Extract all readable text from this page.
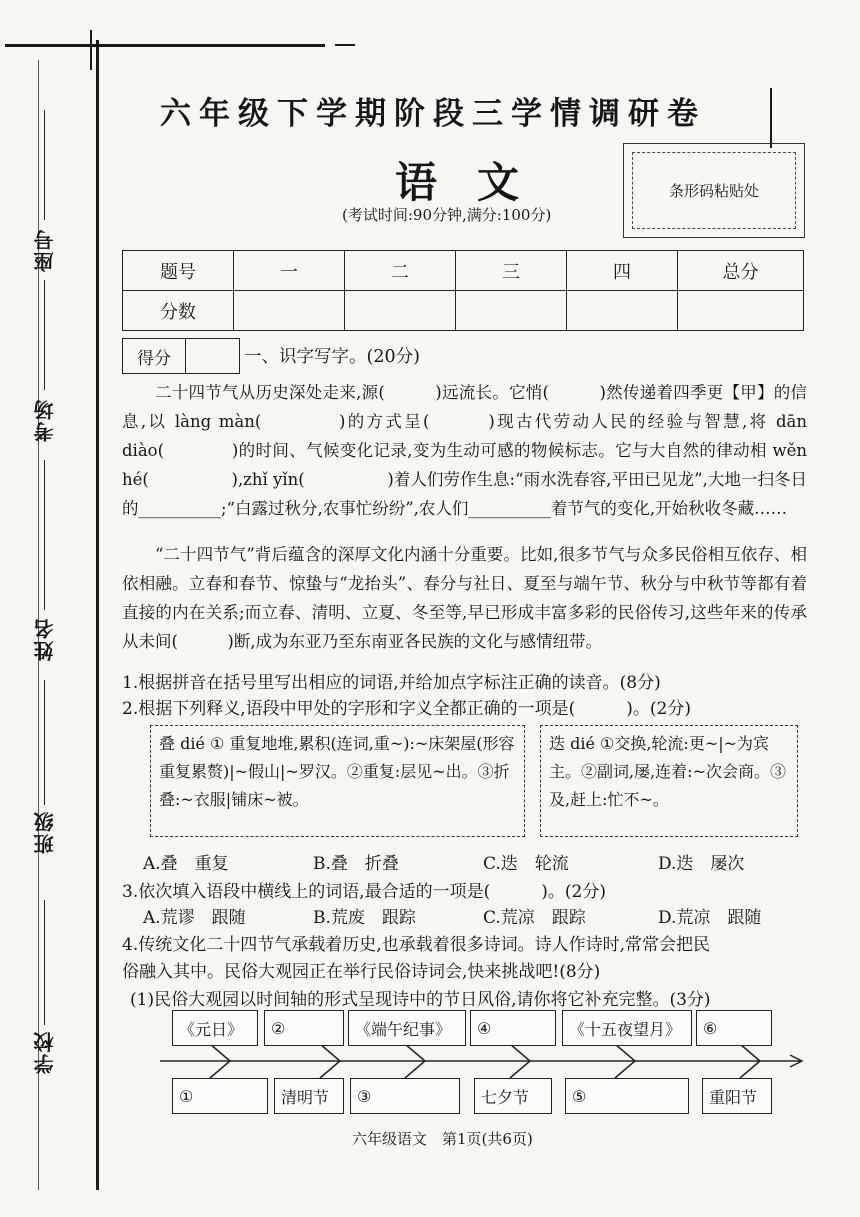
座号
考场
姓名
班级
学校
六年级下学期阶段三学情调研卷
语文
(考试时间:90分钟,满分:100分)
条形码粘贴处
题号	一	二	三	四	总分
分数					
得分	一、识字写字。(20分)
二十四节气从历史深处走来,源(　　　)远流长。它悄(　　　)然传递着四季更【甲】的信息,以 làng màn(　　　　)的方式呈(　　　)现古代劳动人民的经验与智慧,将 dān diào(　　　　)的时间、气候变化记录,变为生动可感的物候标志。它与大自然的律动相 wěn hé(　　　　　),zhǐ yǐn(　　　　　)着人们劳作生息:“雨水洗春容,平田已见龙”,大地一扫冬日的__________;“白露过秋分,农事忙纷纷”,农人们__________着节气的变化,开始秋收冬藏……
“二十四节气”背后蕴含的深厚文化内涵十分重要。比如,很多节气与众多民俗相互依存、相依相融。立春和春节、惊蛰与“龙抬头”、春分与社日、夏至与端午节、秋分与中秋节等都有着直接的内在关系;而立春、清明、立夏、冬至等,早已形成丰富多彩的民俗传习,这些年来的传承从未间(　　　)断,成为东亚乃至东南亚各民族的文化与感情纽带。
1.根据拼音在括号里写出相应的词语,并给加点字标注正确的读音。(8分)
2.根据下列释义,语段中甲处的字形和字义全都正确的一项是(　　　)。(2分)
叠 dié ① 重复地堆,累积(连词,重~):~床架屋(形容重复累赘)|~假山|~罗汉。②重复:层见~出。③折叠:~衣服|铺床~被。
迭 dié ①交换,轮流:更~|~为宾主。②副词,屡,连着:~次会商。③及,赶上:忙不~。
A.叠　重复	B.叠　折叠	C.迭　轮流	D.迭　屡次
3.依次填入语段中横线上的词语,最合适的一项是(　　　)。(2分)
A.荒谬　跟随	B.荒废　跟踪	C.荒凉　跟踪	D.荒凉　跟随
4.传统文化二十四节气承载着历史,也承载着很多诗词。诗人作诗时,常常会把民
俗融入其中。民俗大观园正在举行民俗诗词会,快来挑战吧!(8分)
(1)民俗大观园以时间轴的形式呈现诗中的节日风俗,请你将它补充完整。(3分)
《元日》	②	《端午纪事》	④	《十五夜望月》	⑥
①	清明节	③	七夕节	⑤	重阳节
六年级语文　第1页(共6页)
